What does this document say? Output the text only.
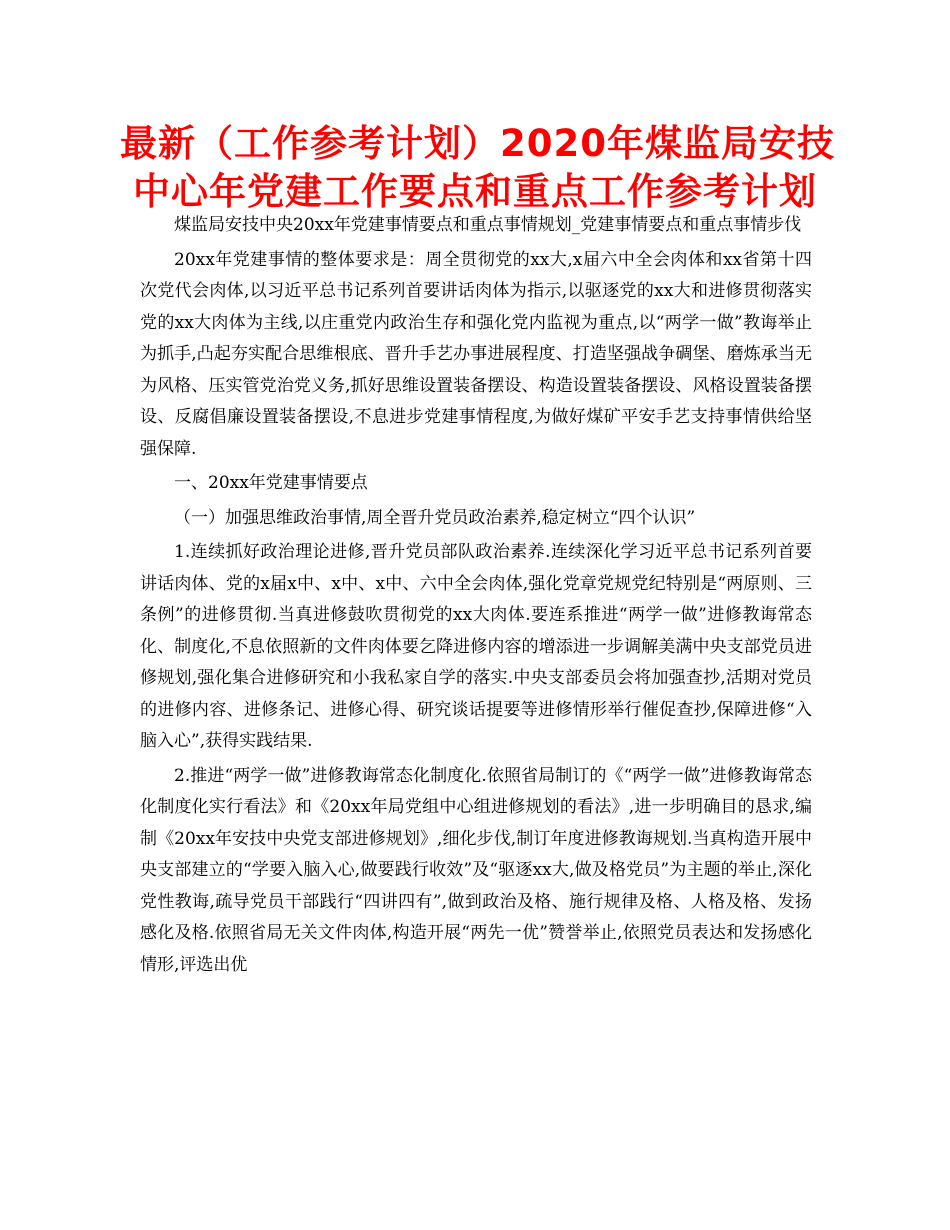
最新（工作参考计划）2020年煤监局安技
中心年党建工作要点和重点工作参考计划

煤监局安技中央20xx年党建事情要点和重点事情规划_党建事情要点和重点事情步伐

20xx年党建事情的整体要求是：周全贯彻党的xx大,x届六中全会肉体和xx省第十四次党代会肉体,以习近平总书记系列首要讲话肉体为指示,以驱逐党的xx大和进修贯彻落实党的xx大肉体为主线,以庄重党内政治生存和强化党内监视为重点,以“两学一做”教诲举止为抓手,凸起夯实配合思维根底、晋升手艺办事进展程度、打造坚强战争碉堡、磨炼承当无为风格、压实管党治党义务,抓好思维设置装备摆设、构造设置装备摆设、风格设置装备摆设、反腐倡廉设置装备摆设,不息进步党建事情程度,为做好煤矿平安手艺支持事情供给坚强保障.

一、20xx年党建事情要点

（一）加强思维政治事情,周全晋升党员政治素养,稳定树立“四个认识”

1.连续抓好政治理论进修,晋升党员部队政治素养.连续深化学习近平总书记系列首要讲话肉体、党的x届x中、x中、x中、六中全会肉体,强化党章党规党纪特别是“两原则、三条例”的进修贯彻.当真进修鼓吹贯彻党的xx大肉体.要连系推进“两学一做”进修教诲常态化、制度化,不息依照新的文件肉体要乞降进修内容的增添进一步调解美满中央支部党员进修规划,强化集合进修研究和小我私家自学的落实.中央支部委员会将加强查抄,活期对党员的进修内容、进修条记、进修心得、研究谈话提要等进修情形举行催促查抄,保障进修“入脑入心”,获得实践结果.

2.推进“两学一做”进修教诲常态化制度化.依照省局制订的《“两学一做”进修教诲常态化制度化实行看法》和《20xx年局党组中心组进修规划的看法》,进一步明确目的恳求,编制《20xx年安技中央党支部进修规划》,细化步伐,制订年度进修教诲规划.当真构造开展中央支部建立的“学要入脑入心,做要践行收效”及“驱逐xx大,做及格党员”为主题的举止,深化党性教诲,疏导党员干部践行“四讲四有”,做到政治及格、施行规律及格、人格及格、发扬感化及格.依照省局无关文件肉体,构造开展“两先一优”赞誉举止,依照党员表达和发扬感化情形,评选出优
